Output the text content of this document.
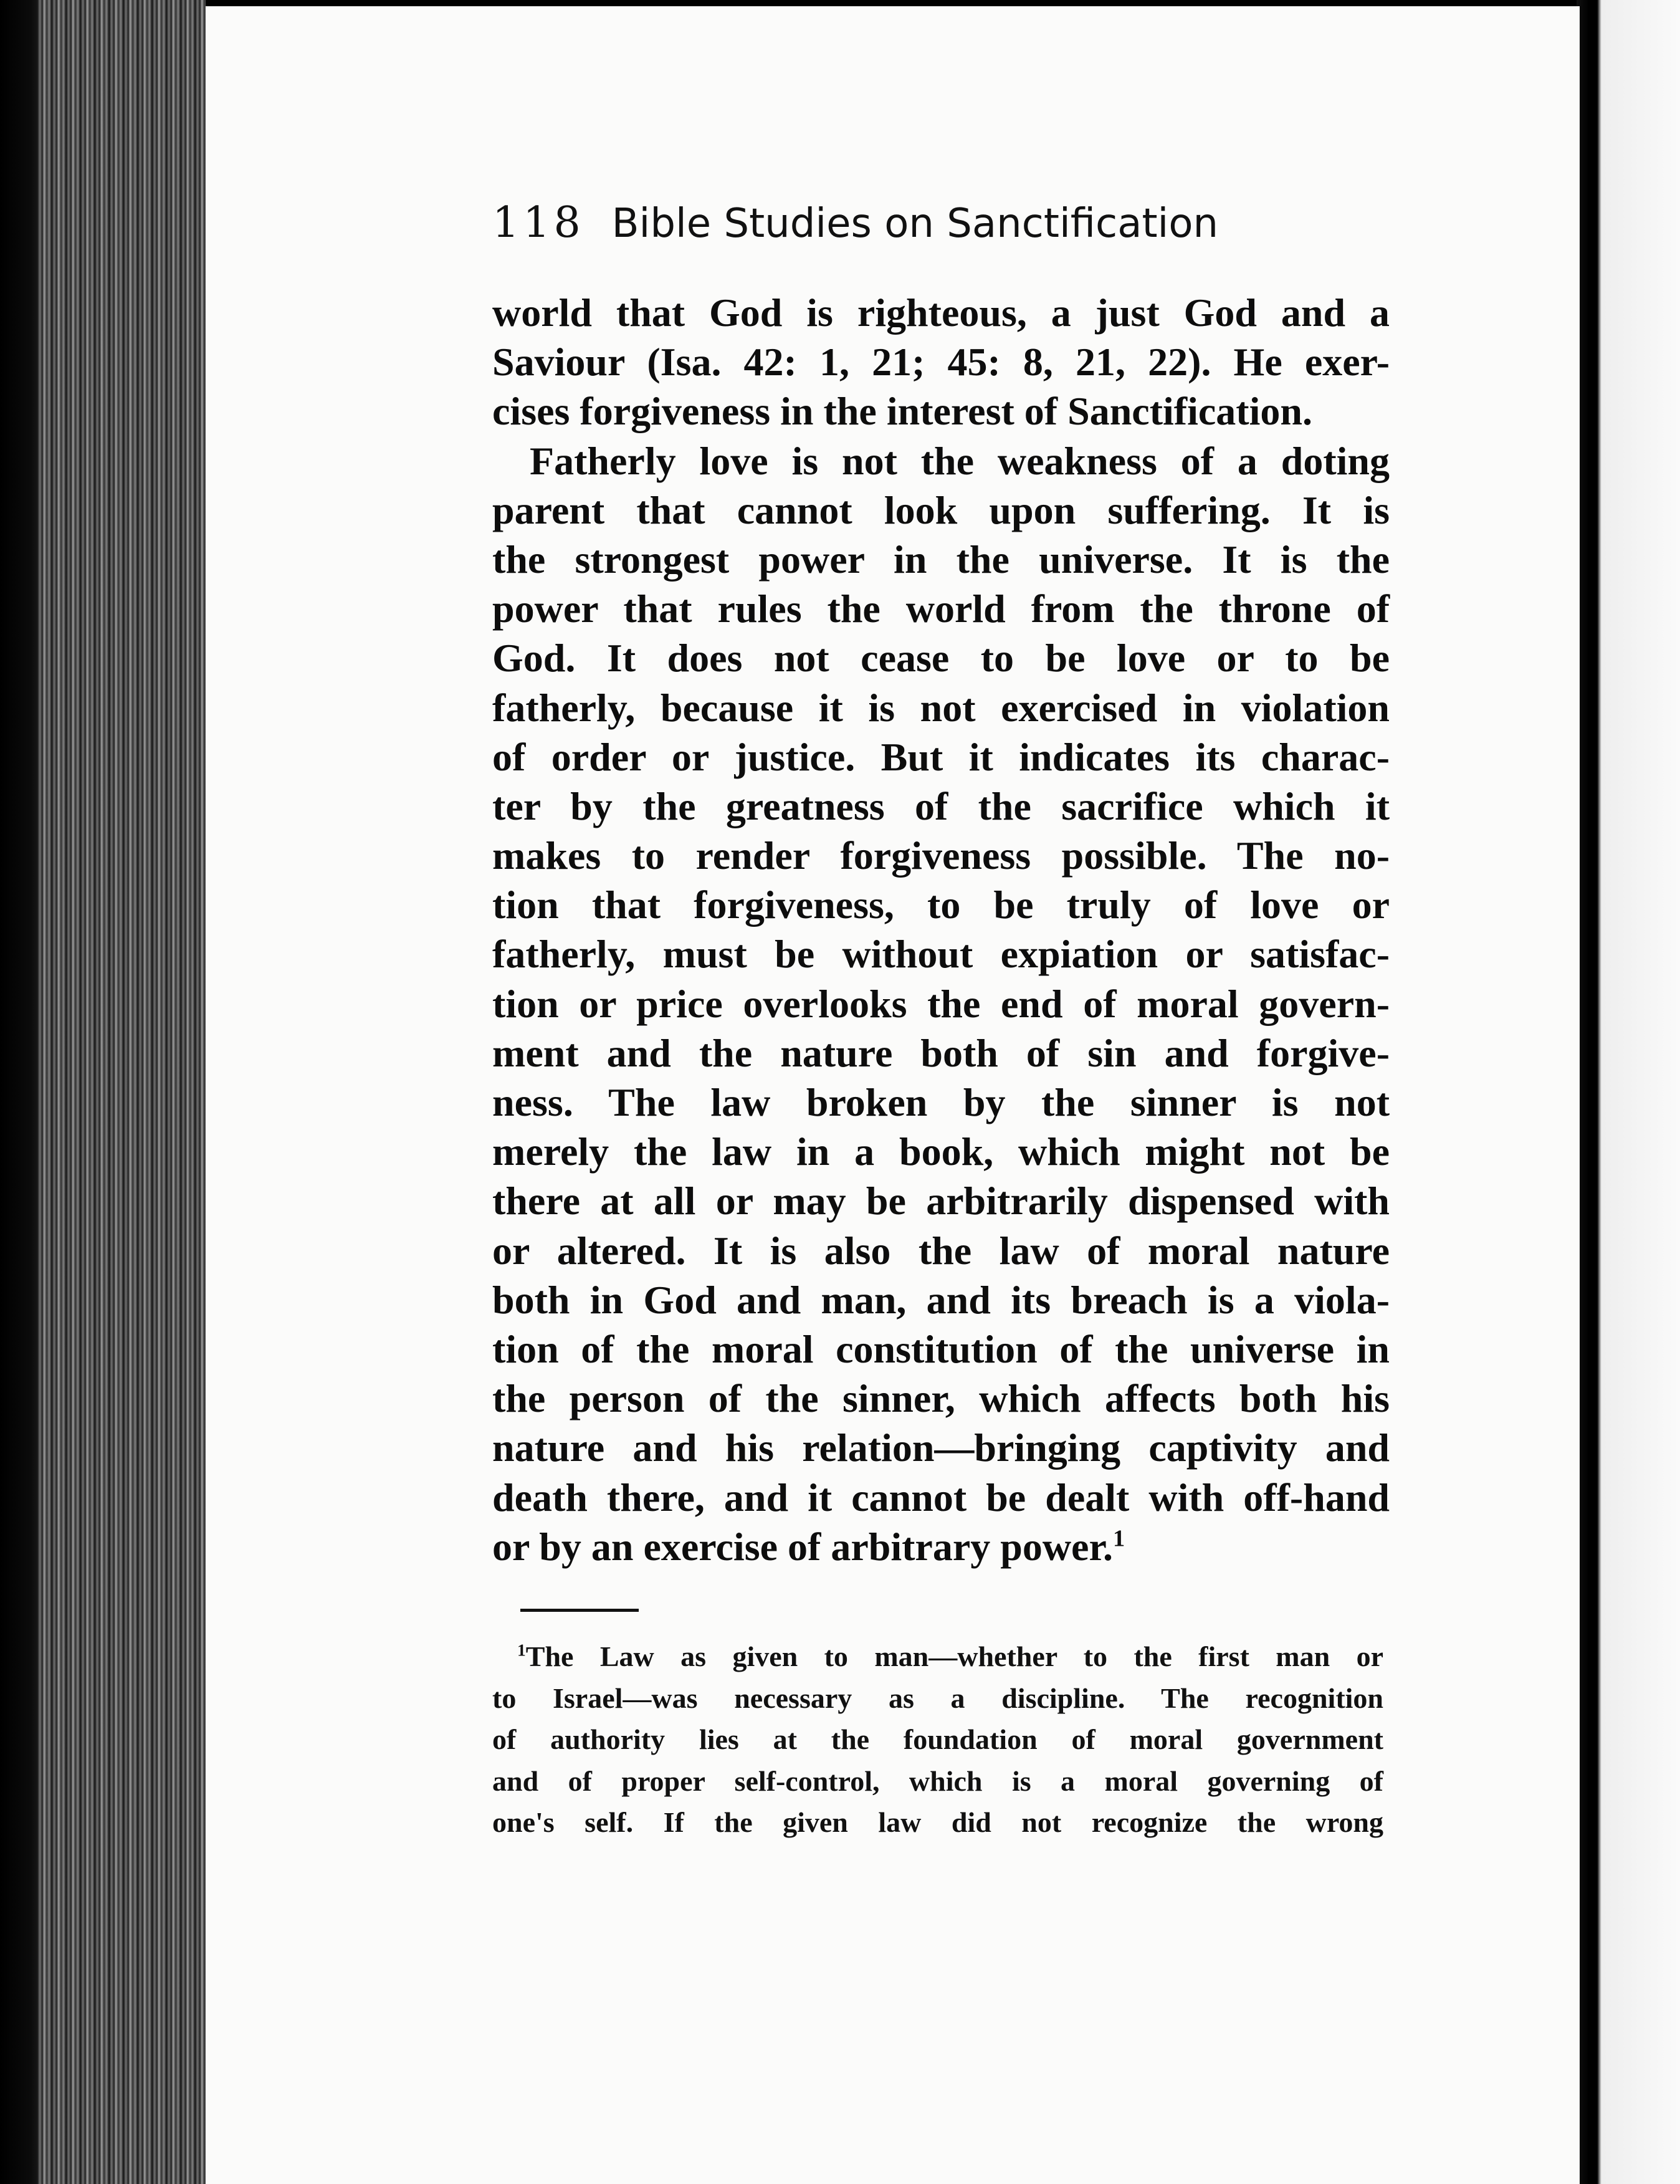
118 Bible Studies on Sanctification
world that God is righteous, a just God and a
Saviour (Isa. 42: 1, 21; 45: 8, 21, 22). He exer-
cises forgiveness in the interest of Sanctification.
Fatherly love is not the weakness of a doting
parent that cannot look upon suffering. It is
the strongest power in the universe. It is the
power that rules the world from the throne of
God. It does not cease to be love or to be
fatherly, because it is not exercised in violation
of order or justice. But it indicates its charac-
ter by the greatness of the sacrifice which it
makes to render forgiveness possible. The no-
tion that forgiveness, to be truly of love or
fatherly, must be without expiation or satisfac-
tion or price overlooks the end of moral govern-
ment and the nature both of sin and forgive-
ness. The law broken by the sinner is not
merely the law in a book, which might not be
there at all or may be arbitrarily dispensed with
or altered. It is also the law of moral nature
both in God and man, and its breach is a viola-
tion of the moral constitution of the universe in
the person of the sinner, which affects both his
nature and his relation—bringing captivity and
death there, and it cannot be dealt with off-hand
or by an exercise of arbitrary power.$^1$
$^1$The Law as given to man—whether to the first man or
to Israel—was necessary as a discipline. The recognition
of authority lies at the foundation of moral government
and of proper self-control, which is a moral governing of
one's self. If the given law did not recognize the wrong
